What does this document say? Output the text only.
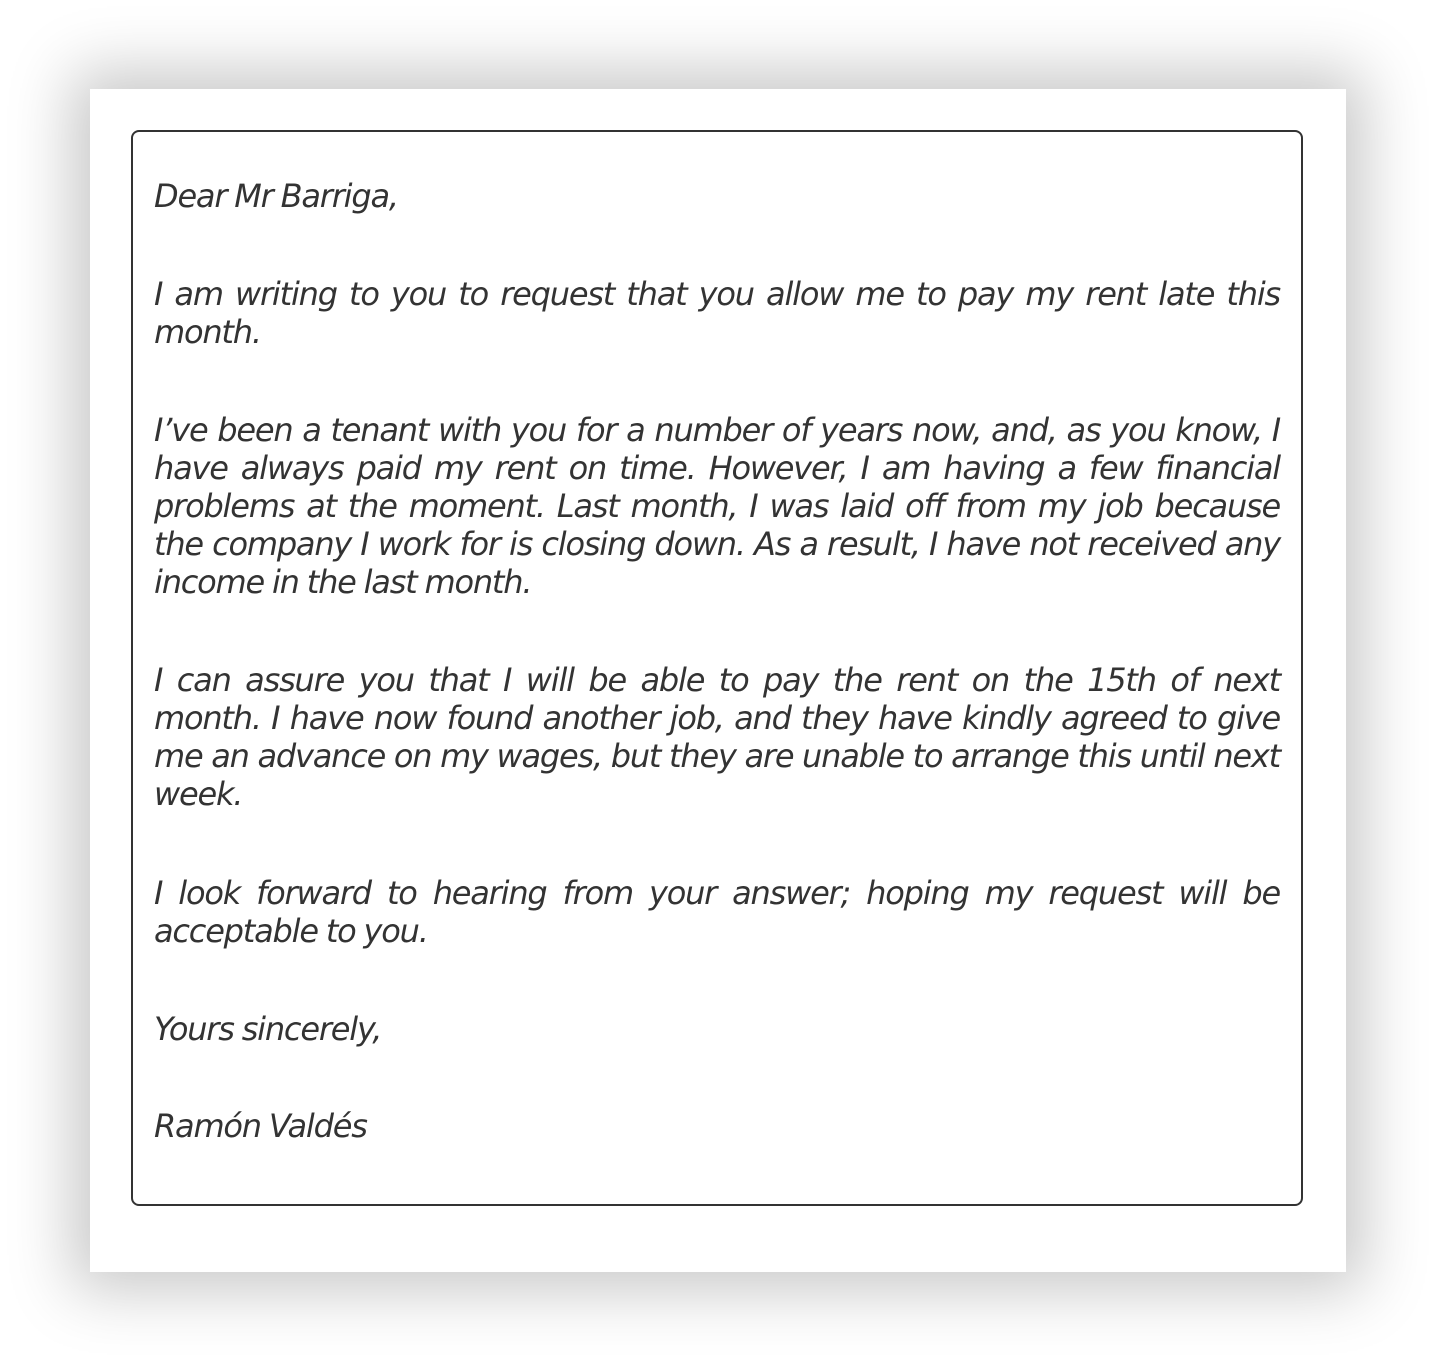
Dear Mr Barriga,

I am writing to you to request that you allow me to pay my rent late this month.

I’ve been a tenant with you for a number of years now, and, as you know, I have always paid my rent on time. However, I am having a few financial problems at the moment. Last month, I was laid off from my job because the company I work for is closing down. As a result, I have not received any income in the last month.

I can assure you that I will be able to pay the rent on the 15th of next month. I have now found another job, and they have kindly agreed to give me an advance on my wages, but they are unable to arrange this until next week.

I look forward to hearing from your answer; hoping my request will be acceptable to you.

Yours sincerely,

Ramón Valdés
